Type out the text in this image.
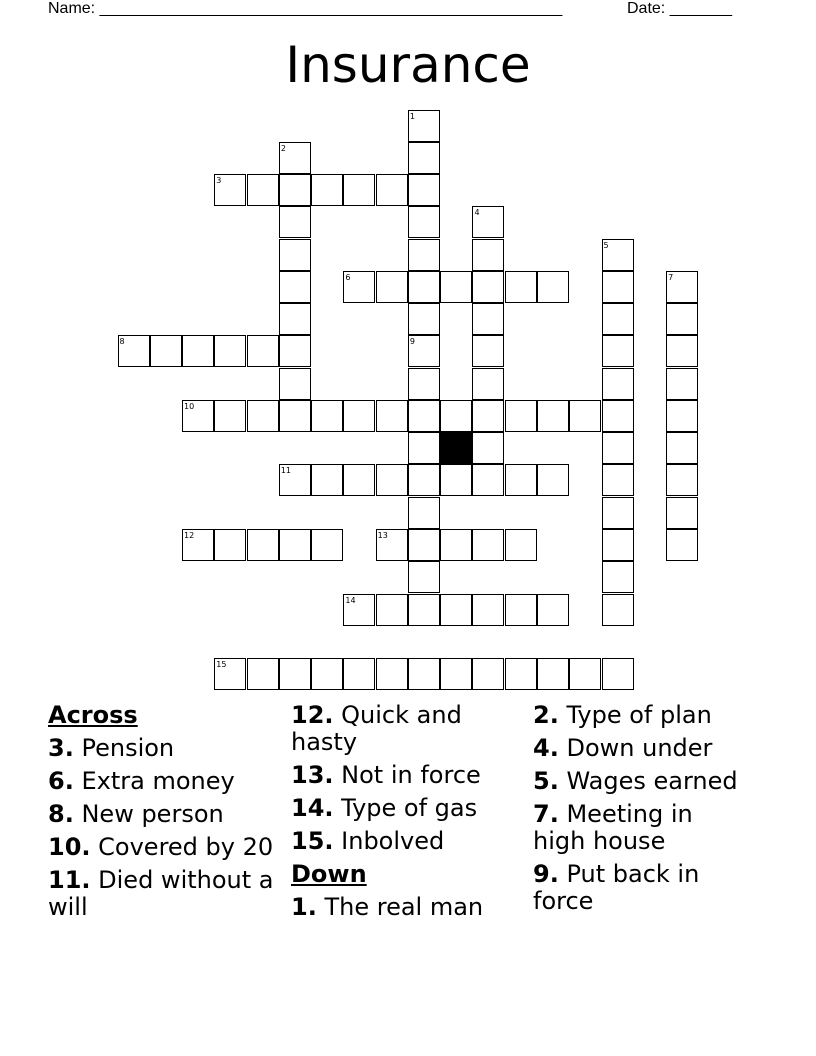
Name: ____________________________________________________	Date: _______
Insurance
1
2
3
4
5
6	7
8	9
10
11
12	13
14
15
Across
3. Pension
6. Extra money
8. New person
10. Covered by 20
11. Died without a will
12. Quick and hasty
13. Not in force
14. Type of gas
15. Inbolved
Down
1. The real man
2. Type of plan
4. Down under
5. Wages earned
7. Meeting in high house
9. Put back in force
